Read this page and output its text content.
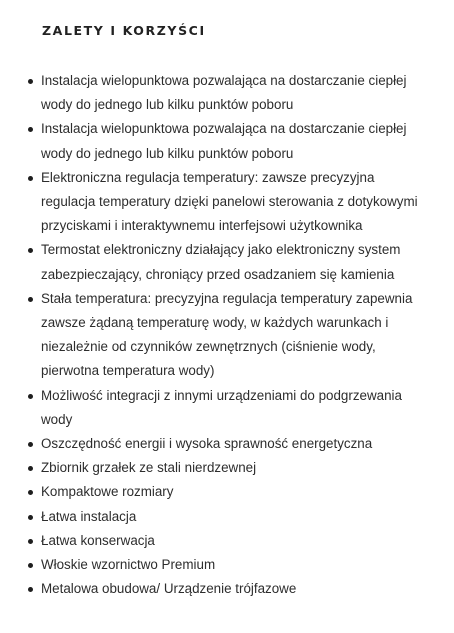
ZALETY I KORZYŚCI
Instalacja wielopunktowa pozwalająca na dostarczanie ciepłej wody do jednego lub kilku punktów poboru
Instalacja wielopunktowa pozwalająca na dostarczanie ciepłej wody do jednego lub kilku punktów poboru
Elektroniczna regulacja temperatury: zawsze precyzyjna regulacja temperatury dzięki panelowi sterowania z dotykowymi przyciskami i interaktywnemu interfejsowi użytkownika
Termostat elektroniczny działający jako elektroniczny system zabezpieczający, chroniący przed osadzaniem się kamienia
Stała temperatura: precyzyjna regulacja temperatury zapewnia zawsze żądaną temperaturę wody, w każdych warunkach i niezależnie od czynników zewnętrznych (ciśnienie wody, pierwotna temperatura wody)
Możliwość integracji z innymi urządzeniami do podgrzewania wody
Oszczędność energii i wysoka sprawność energetyczna
Zbiornik grzałek ze stali nierdzewnej
Kompaktowe rozmiary
Łatwa instalacja
Łatwa konserwacja
Włoskie wzornictwo Premium
Metalowa obudowa/ Urządzenie trójfazowe
